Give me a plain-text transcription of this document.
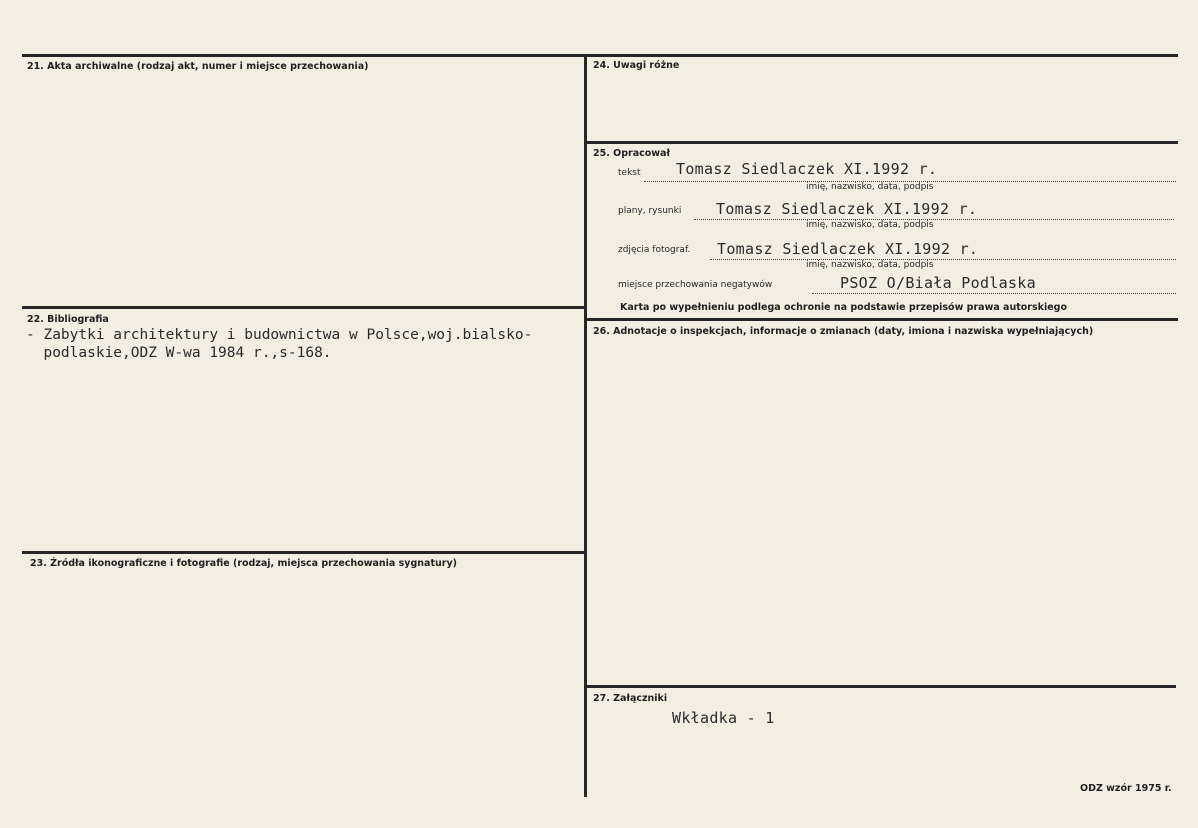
21. Akta archiwalne (rodzaj akt, numer i miejsce przechowania)
22. Bibliografia
- Zabytki architektury i budownictwa w Polsce,woj.bialsko-
podlaskie,ODZ W-wa 1984 r.,s-168.
23. Źródła ikonograficzne i fotografie (rodzaj, miejsca przechowania sygnatury)
24. Uwagi różne
25. Opracował
tekst Tomasz Siedlaczek XI.1992 r.
imię, nazwisko, data, podpis
plany, rysunki Tomasz Siedlaczek XI.1992 r.
imię, nazwisko, data, podpis
zdjęcia fotograf. Tomasz Siedlaczek XI.1992 r.
imię, nazwisko, data, podpis
miejsce przechowania negatywów	PSOZ O/Biała Podlaska
Karta po wypełnieniu podlega ochronie na podstawie przepisów prawa autorskiego
26. Adnotacje o inspekcjach, informacje o zmianach (daty, imiona i nazwiska wypełniających)
27. Załączniki
Wkładka - 1
ODZ wzór 1975 r.
